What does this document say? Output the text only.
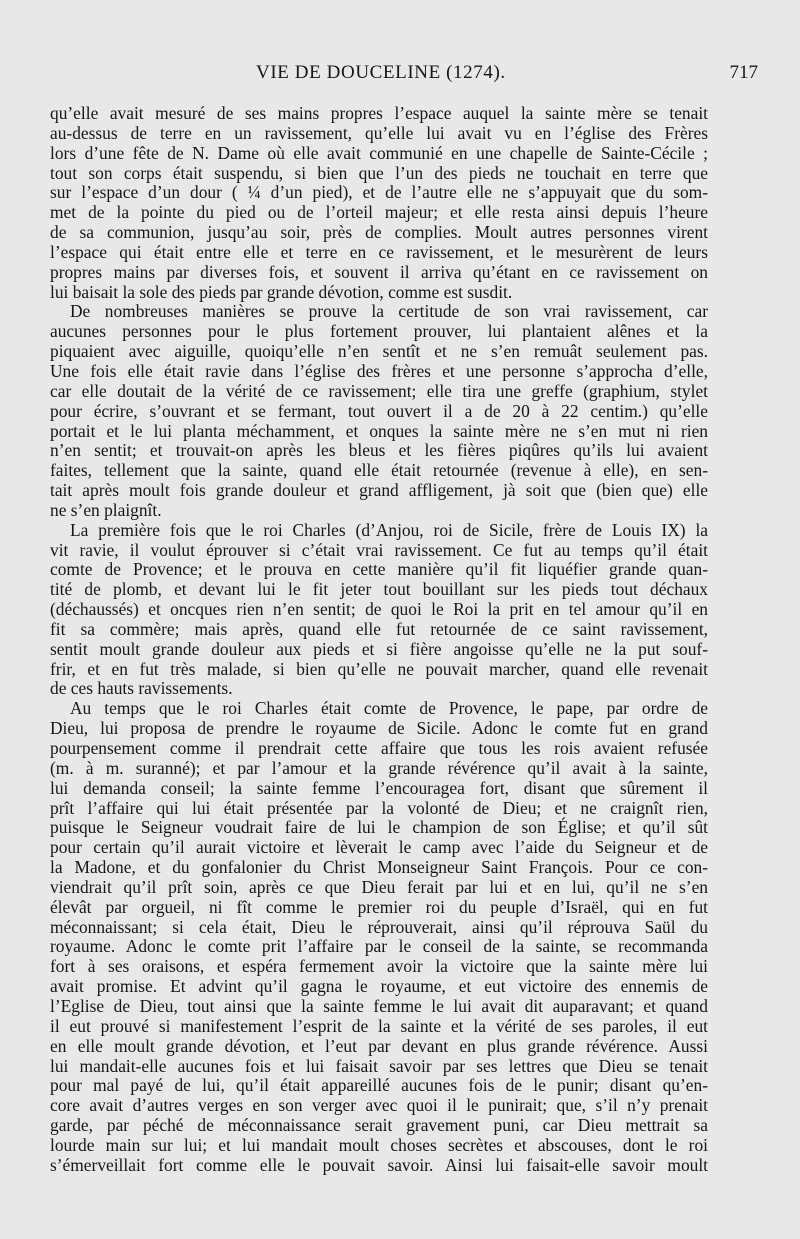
VIE DE DOUCELINE (1274).	717

qu’elle avait mesuré de ses mains propres l’espace auquel la sainte mère se tenait
au-dessus de terre en un ravissement, qu’elle lui avait vu en l’église des Frères
lors d’une fête de N. Dame où elle avait communié en une chapelle de Sainte-Cécile ;
tout son corps était suspendu, si bien que l’un des pieds ne touchait en terre que
sur l’espace d’un dour ( ¼ d’un pied), et de l’autre elle ne s’appuyait que du som-
met de la pointe du pied ou de l’orteil majeur; et elle resta ainsi depuis l’heure
de sa communion, jusqu’au soir, près de complies. Moult autres personnes virent
l’espace qui était entre elle et terre en ce ravissement, et le mesurèrent de leurs
propres mains par diverses fois, et souvent il arriva qu’étant en ce ravissement on
lui baisait la sole des pieds par grande dévotion, comme est susdit.

De nombreuses manières se prouve la certitude de son vrai ravissement, car
aucunes personnes pour le plus fortement prouver, lui plantaient alênes et la
piquaient avec aiguille, quoiqu’elle n’en sentît et ne s’en remuât seulement pas.
Une fois elle était ravie dans l’église des frères et une personne s’approcha d’elle,
car elle doutait de la vérité de ce ravissement; elle tira une greffe (graphium, stylet
pour écrire, s’ouvrant et se fermant, tout ouvert il a de 20 à 22 centim.) qu’elle
portait et le lui planta méchamment, et onques la sainte mère ne s’en mut ni rien
n’en sentit; et trouvait-on après les bleus et les fières piqûres qu’ils lui avaient
faites, tellement que la sainte, quand elle était retournée (revenue à elle), en sen-
tait après moult fois grande douleur et grand affligement, jà soit que (bien que) elle
ne s’en plaignît.

La première fois que le roi Charles (d’Anjou, roi de Sicile, frère de Louis IX) la
vit ravie, il voulut éprouver si c’était vrai ravissement. Ce fut au temps qu’il était
comte de Provence; et le prouva en cette manière qu’il fit liquéfier grande quan-
tité de plomb, et devant lui le fit jeter tout bouillant sur les pieds tout déchaux
(déchaussés) et oncques rien n’en sentit; de quoi le Roi la prit en tel amour qu’il en
fit sa commère; mais après, quand elle fut retournée de ce saint ravissement,
sentit moult grande douleur aux pieds et si fière angoisse qu’elle ne la put souf-
frir, et en fut très malade, si bien qu’elle ne pouvait marcher, quand elle revenait
de ces hauts ravissements.

Au temps que le roi Charles était comte de Provence, le pape, par ordre de
Dieu, lui proposa de prendre le royaume de Sicile. Adonc le comte fut en grand
pourpensement comme il prendrait cette affaire que tous les rois avaient refusée
(m. à m. suranné); et par l’amour et la grande révérence qu’il avait à la sainte,
lui demanda conseil; la sainte femme l’encouragea fort, disant que sûrement il
prît l’affaire qui lui était présentée par la volonté de Dieu; et ne craignît rien,
puisque le Seigneur voudrait faire de lui le champion de son Église; et qu’il sût
pour certain qu’il aurait victoire et lèverait le camp avec l’aide du Seigneur et de
la Madone, et du gonfalonier du Christ Monseigneur Saint François. Pour ce con-
viendrait qu’il prît soin, après ce que Dieu ferait par lui et en lui, qu’il ne s’en
élevât par orgueil, ni fît comme le premier roi du peuple d’Israël, qui en fut
méconnaissant; si cela était, Dieu le réprouverait, ainsi qu’il réprouva Saül du
royaume. Adonc le comte prit l’affaire par le conseil de la sainte, se recommanda
fort à ses oraisons, et espéra fermement avoir la victoire que la sainte mère lui
avait promise. Et advint qu’il gagna le royaume, et eut victoire des ennemis de
l’Eglise de Dieu, tout ainsi que la sainte femme le lui avait dit auparavant; et quand
il eut prouvé si manifestement l’esprit de la sainte et la vérité de ses paroles, il eut
en elle moult grande dévotion, et l’eut par devant en plus grande révérence. Aussi
lui mandait-elle aucunes fois et lui faisait savoir par ses lettres que Dieu se tenait
pour mal payé de lui, qu’il était appareillé aucunes fois de le punir; disant qu’en-
core avait d’autres verges en son verger avec quoi il le punirait; que, s’il n’y prenait
garde, par péché de méconnaissance serait gravement puni, car Dieu mettrait sa
lourde main sur lui; et lui mandait moult choses secrètes et abscouses, dont le roi
s’émerveillait fort comme elle le pouvait savoir. Ainsi lui faisait-elle savoir moult
